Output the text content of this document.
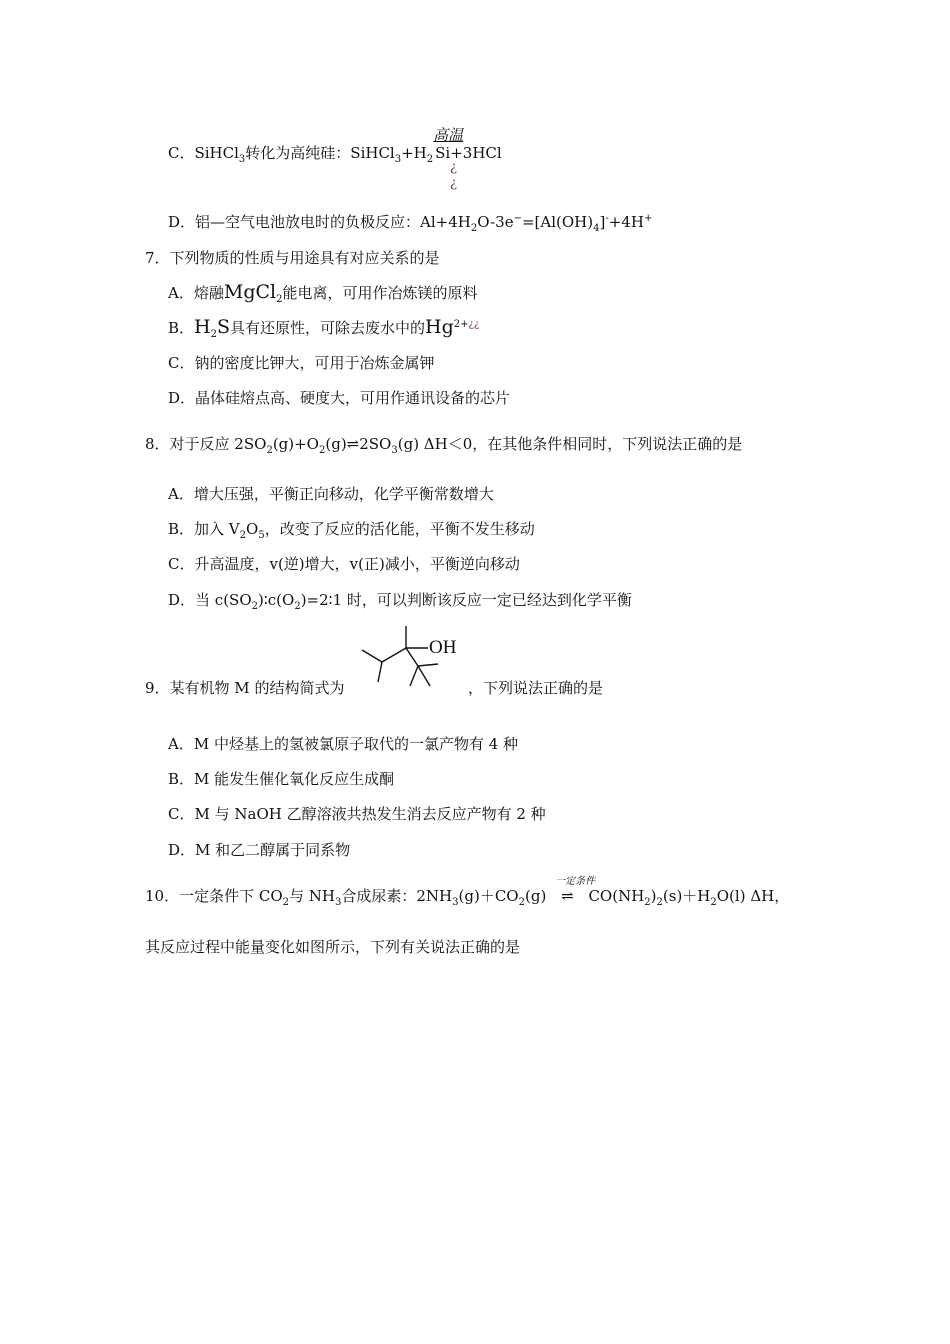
C．SiHCl$_3$转化为高纯硅：$SiHCl_3+H_2$
高温
Si+3HCl
¿
¿
D．铝—空气电池放电时的负极反应：$Al+4H_2O-3e^-=[Al(OH)_4]^-+4H^+$
7．下列物质的性质与用途具有对应关系的是
A．熔融MgCl$_2$能电离，可用作冶炼镁的原料
B．$H_2S$具有还原性，可除去废水中的$Hg^{2+¿¿}$
C．钠的密度比钾大，可用于冶炼金属钾
D．晶体硅熔点高、硬度大，可用作通讯设备的芯片
8．对于反应 $2SO_2(g)+O_2(g)\rightleftharpoons 2SO_3(g)$ ΔH＜0，在其他条件相同时，下列说法正确的是
A．增大压强，平衡正向移动，化学平衡常数增大
B．加入 $V_2O_5$，改变了反应的活化能，平衡不发生移动
C．升高温度，v(逆)增大，v(正)减小，平衡逆向移动
D．当 $c(SO_2)∶c(O_2)=2∶1$ 时，可以判断该反应一定已经达到化学平衡
9．某有机物 M 的结构简式为
OH
，下列说法正确的是
A．M 中烃基上的氢被氯原子取代的一氯产物有 4 种
B．M 能发生催化氧化反应生成酮
C．M 与 NaOH 乙醇溶液共热发生消去反应产物有 2 种
D．M 和乙二醇属于同系物
10．一定条件下 $CO_2$与 $NH_3$合成尿素：$2NH_3(g)+CO_2(g)$
一定条件
⇌ $CO(NH_2)_2(s)+H_2O(l)$ ΔH，
其反应过程中能量变化如图所示，下列有关说法正确的是
